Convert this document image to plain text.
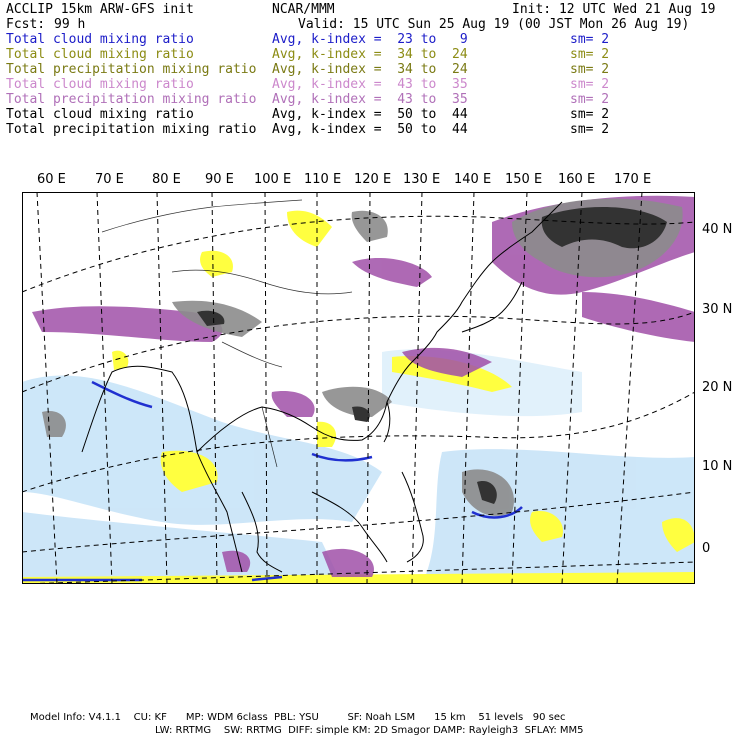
ACCLIP 15km ARW-GFS init	NCAR/MMM	Init: 12 UTC Wed 21 Aug 19
Fcst: 99 h	Valid: 15 UTC Sun 25 Aug 19 (00 JST Mon 26 Aug 19)
Total cloud mixing ratio	Avg, k-index =  23 to   9	sm= 2
Total cloud mixing ratio	Avg, k-index =  34 to  24	sm= 2
Total precipitation mixing ratio Avg, k-index =  34 to  24	sm= 2
Total cloud mixing ratio	Avg, k-index =  43 to  35	sm= 2
Total precipitation mixing ratio Avg, k-index =  43 to  35	sm= 2
Total cloud mixing ratio	Avg, k-index =  50 to  44	sm= 2
Total precipitation mixing ratio Avg, k-index =  50 to  44	sm= 2
60 E 70 E 80 E 90 E 100 E 110 E 120 E 130 E 140 E 150 E 160 E 170 E
40 N
30 N
20 N
10 N
0
Model Info: V4.1.1    CU: KF      MP: WDM 6class  PBL: YSU         SF: Noah LSM      15 km    51 levels   90 sec
LW: RRTMG    SW: RRTMG  DIFF: simple KM: 2D Smagor DAMP: Rayleigh3  SFLAY: MM5
